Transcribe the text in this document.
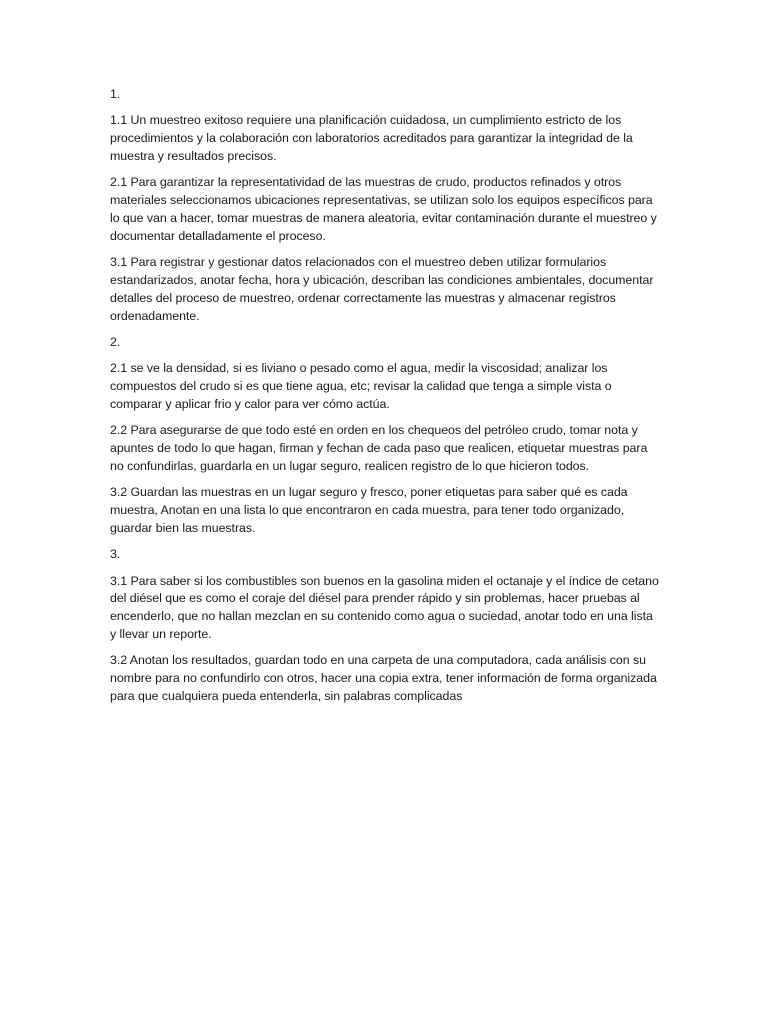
1.

1.1 Un muestreo exitoso requiere una planificación cuidadosa, un cumplimiento estricto de los procedimientos y la colaboración con laboratorios acreditados para garantizar la integridad de la muestra y resultados precisos.

2.1 Para garantizar la representatividad de las muestras de crudo, productos refinados y otros materiales seleccionamos ubicaciones representativas, se utilizan solo los equipos específicos para lo que van a hacer, tomar muestras de manera aleatoria, evitar contaminación durante el muestreo y documentar detalladamente el proceso.

3.1 Para registrar y gestionar datos relacionados con el muestreo deben utilizar formularios estandarizados, anotar fecha, hora y ubicación, describan las condiciones ambientales, documentar detalles del proceso de muestreo, ordenar correctamente las muestras y almacenar registros ordenadamente.

2.

2.1 se ve la densidad, si es liviano o pesado como el agua, medir la viscosidad; analizar los compuestos del crudo si es que tiene agua, etc; revisar la calidad que tenga a simple vista o comparar y aplicar frio y calor para ver cómo actúa.

2.2 Para asegurarse de que todo esté en orden en los chequeos del petróleo crudo, tomar nota y apuntes de todo lo que hagan, firman y fechan de cada paso que realicen, etiquetar muestras para no confundirlas, guardarla en un lugar seguro, realicen registro de lo que hicieron todos.

3.2 Guardan las muestras en un lugar seguro y fresco, poner etiquetas para saber qué es cada muestra, Anotan en una lista lo que encontraron en cada muestra, para tener todo organizado, guardar bien las muestras.

3.

3.1 Para saber si los combustibles son buenos en la gasolina miden el octanaje y el índice de cetano del diésel que es como el coraje del diésel para prender rápido y sin problemas, hacer pruebas al encenderlo, que no hallan mezclan en su contenido como agua o suciedad, anotar todo en una lista y llevar un reporte.

3.2 Anotan los resultados, guardan todo en una carpeta de una computadora, cada análisis con su nombre para no confundirlo con otros, hacer una copia extra, tener información de forma organizada para que cualquiera pueda entenderla, sin palabras complicadas
